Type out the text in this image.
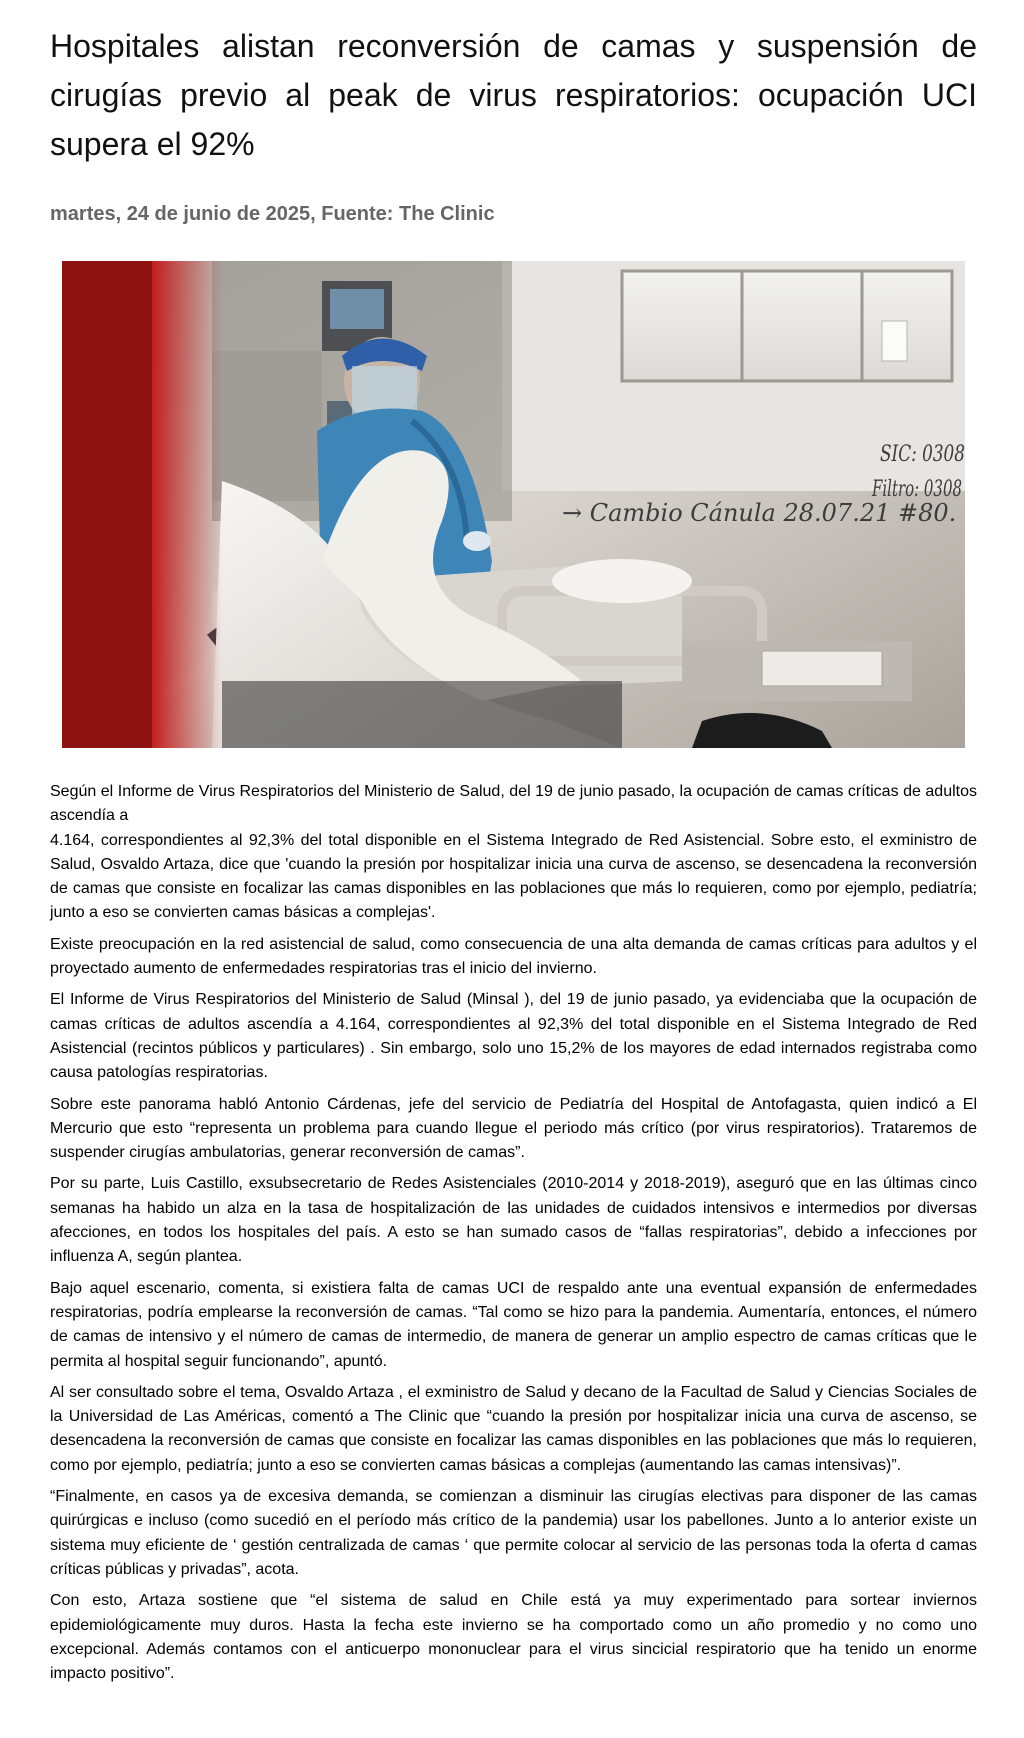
Hospitales alistan reconversión de camas y suspensión de cirugías previo al peak de virus respiratorios: ocupación UCI supera el 92%
martes, 24 de junio de 2025, Fuente: The Clinic
→ Cambio Cánula 28.07.21 #80.
SIC: 0308
Filtro: 0308

Según el Informe de Virus Respiratorios del Ministerio de Salud, del 19 de junio pasado, la ocupación de camas críticas de adultos ascendía a
4.164, correspondientes al 92,3% del total disponible en el Sistema Integrado de Red Asistencial. Sobre esto, el exministro de Salud, Osvaldo Artaza, dice que 'cuando la presión por hospitalizar inicia una curva de ascenso, se desencadena la reconversión de camas que consiste en focalizar las camas disponibles en las poblaciones que más lo requieren, como por ejemplo, pediatría; junto a eso se convierten camas básicas a complejas'.

Existe preocupación en la red asistencial de salud, como consecuencia de una alta demanda de camas críticas para adultos y el proyectado aumento de enfermedades respiratorias tras el inicio del invierno.

El Informe de Virus Respiratorios del Ministerio de Salud (Minsal ), del 19 de junio pasado, ya evidenciaba que la ocupación de camas críticas de adultos ascendía a 4.164, correspondientes al 92,3% del total disponible en el Sistema Integrado de Red Asistencial (recintos públicos y particulares) . Sin embargo, solo uno 15,2% de los mayores de edad internados registraba como causa patologías respiratorias.

Sobre este panorama habló Antonio Cárdenas, jefe del servicio de Pediatría del Hospital de Antofagasta, quien indicó a El Mercurio que esto “representa un problema para cuando llegue el periodo más crítico (por virus respiratorios). Trataremos de suspender cirugías ambulatorias, generar reconversión de camas”.

Por su parte, Luis Castillo, exsubsecretario de Redes Asistenciales (2010-2014 y 2018-2019), aseguró que en las últimas cinco semanas ha habido un alza en la tasa de hospitalización de las unidades de cuidados intensivos e intermedios por diversas afecciones, en todos los hospitales del país. A esto se han sumado casos de “fallas respiratorias”, debido a infecciones por influenza A, según plantea.

Bajo aquel escenario, comenta, si existiera falta de camas UCI de respaldo ante una eventual expansión de enfermedades respiratorias, podría emplearse la reconversión de camas. “Tal como se hizo para la pandemia. Aumentaría, entonces, el número de camas de intensivo y el número de camas de intermedio, de manera de generar un amplio espectro de camas críticas que le permita al hospital seguir funcionando”, apuntó.

Al ser consultado sobre el tema, Osvaldo Artaza , el exministro de Salud y decano de la Facultad de Salud y Ciencias Sociales de la Universidad de Las Américas, comentó a The Clinic que “cuando la presión por hospitalizar inicia una curva de ascenso, se desencadena la reconversión de camas que consiste en focalizar las camas disponibles en las poblaciones que más lo requieren, como por ejemplo, pediatría; junto a eso se convierten camas básicas a complejas (aumentando las camas intensivas)”.

“Finalmente, en casos ya de excesiva demanda, se comienzan a disminuir las cirugías electivas para disponer de las camas quirúrgicas e incluso (como sucedió en el período más crítico de la pandemia) usar los pabellones. Junto a lo anterior existe un sistema muy eficiente de ‘ gestión centralizada de camas ‘ que permite colocar al servicio de las personas toda la oferta d camas críticas públicas y privadas”, acota.

Con esto, Artaza sostiene que “el sistema de salud en Chile está ya muy experimentado para sortear inviernos epidemiológicamente muy duros. Hasta la fecha este invierno se ha comportado como un año promedio y no como uno excepcional. Además contamos con el anticuerpo mononuclear para el virus sincicial respiratorio que ha tenido un enorme impacto positivo”.
